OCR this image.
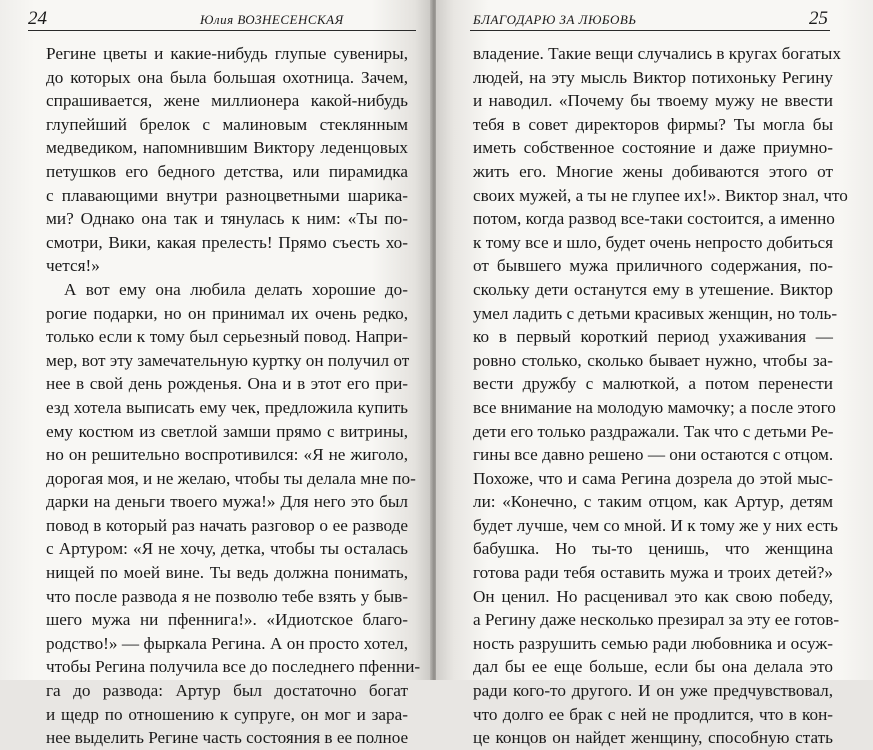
24	Юлия ВОЗНЕСЕНСКАЯ
Регине цветы и какие-нибудь глупые сувениры,
до которых она была большая охотница. Зачем,
спрашивается, жене миллионера какой-нибудь
глупейший брелок с малиновым стеклянным
медведиком, напомнившим Виктору леденцовых
петушков его бедного детства, или пирамидка
с плавающими внутри разноцветными шарика-
ми? Однако она так и тянулась к ним: «Ты по-
смотри, Вики, какая прелесть! Прямо съесть хо-
чется!»
А вот ему она любила делать хорошие до-
рогие подарки, но он принимал их очень редко,
только если к тому был серьезный повод. Напри-
мер, вот эту замечательную куртку он получил от
нее в свой день рожденья. Она и в этот его при-
езд хотела выписать ему чек, предложила купить
ему костюм из светлой замши прямо с витрины,
но он решительно воспротивился: «Я не жиголо,
дорогая моя, и не желаю, чтобы ты делала мне по-
дарки на деньги твоего мужа!» Для него это был
повод в который раз начать разговор о ее разводе
с Артуром: «Я не хочу, детка, чтобы ты осталась
нищей по моей вине. Ты ведь должна понимать,
что после развода я не позволю тебе взять у быв-
шего мужа ни пфеннига!». «Идиотское благо-
родство!» — фыркала Регина. А он просто хотел,
чтобы Регина получила все до последнего пфенни-
га до развода: Артур был достаточно богат
и щедр по отношению к супруге, он мог и зара-
нее выделить Регине часть состояния в ее полное
БЛАГОДАРЮ ЗА ЛЮБОВЬ	25
владение. Такие вещи случались в кругах богатых
людей, на эту мысль Виктор потихоньку Регину
и наводил. «Почему бы твоему мужу не ввести
тебя в совет директоров фирмы? Ты могла бы
иметь собственное состояние и даже приумно-
жить его. Многие жены добиваются этого от
своих мужей, а ты не глупее их!». Виктор знал, что
потом, когда развод все-таки состоится, а именно
к тому все и шло, будет очень непросто добиться
от бывшего мужа приличного содержания, по-
скольку дети останутся ему в утешение. Виктор
умел ладить с детьми красивых женщин, но толь-
ко в первый короткий период ухаживания —
ровно столько, сколько бывает нужно, чтобы за-
вести дружбу с малюткой, а потом перенести
все внимание на молодую мамочку; а после этого
дети его только раздражали. Так что с детьми Ре-
гины все давно решено — они остаются с отцом.
Похоже, что и сама Регина дозрела до этой мыс-
ли: «Конечно, с таким отцом, как Артур, детям
будет лучше, чем со мной. И к тому же у них есть
бабушка. Но ты-то ценишь, что женщина
готова ради тебя оставить мужа и троих детей?»
Он ценил. Но расценивал это как свою победу,
а Регину даже несколько презирал за эту ее готов-
ность разрушить семью ради любовника и осуж-
дал бы ее еще больше, если бы она делала это
ради кого-то другого. И он уже предчувствовал,
что долго ее брак с ней не продлится, что в кон-
це концов он найдет женщину, способную стать
